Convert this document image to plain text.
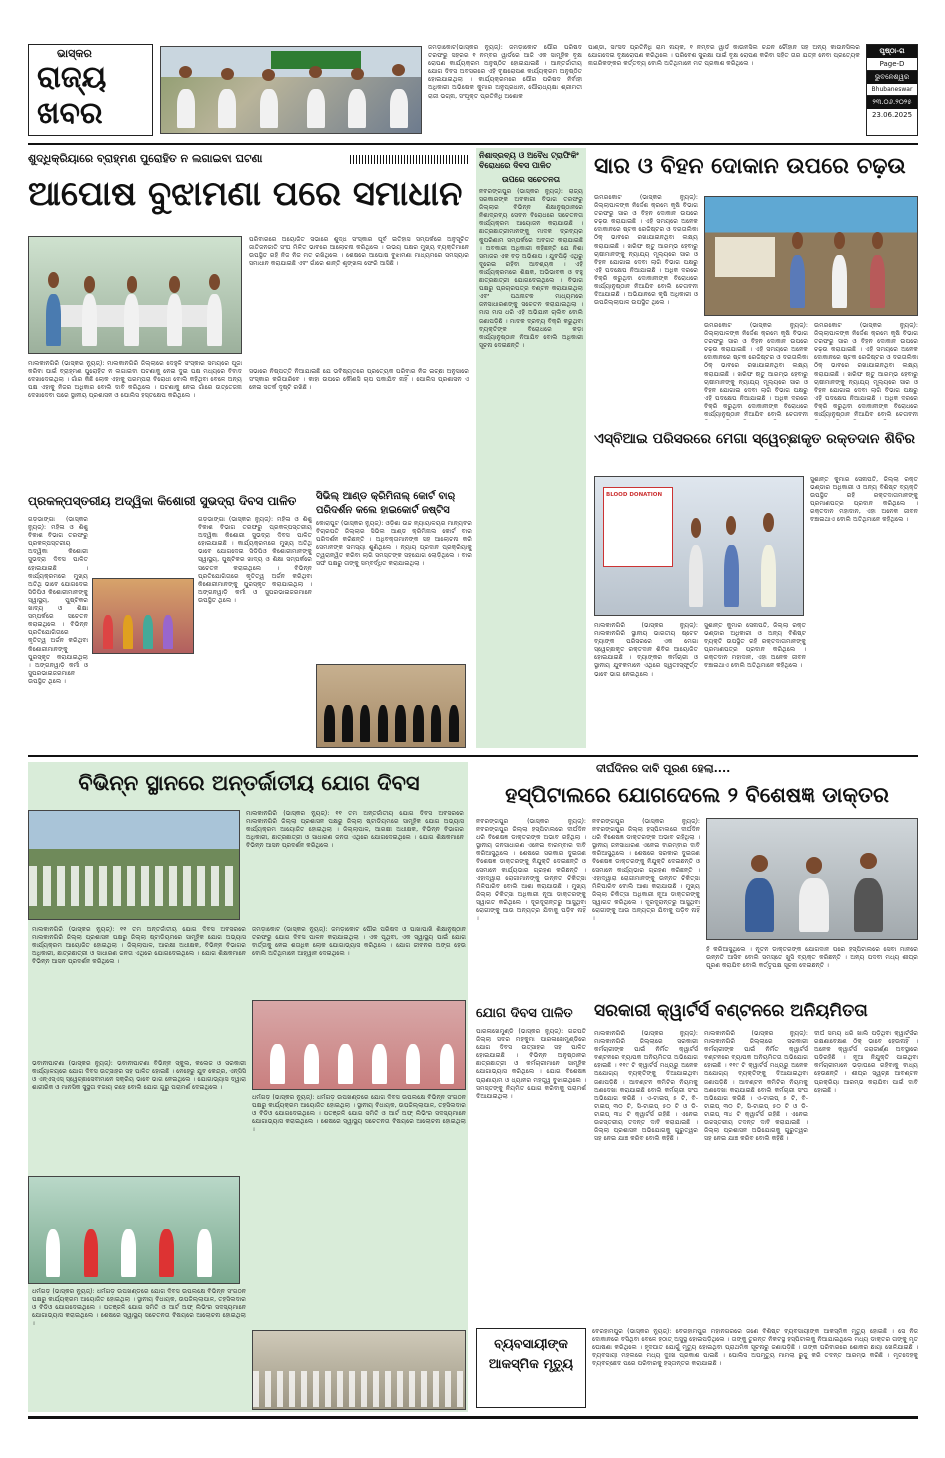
ଭାସ୍କର
ରାଜ୍ୟ
ଖବର
ଜମଡ଼ାକୋଟ(ଭାସ୍କର ନ୍ୟୁଜ୍): ଜମଡ଼ାକୋଟ ପୌର ପରିଷଦ ତରଫରୁ ସହରର ୧ ନମ୍ବର ୱାର୍ଡରେ ଆଜି ଏକ ସାମୂହିକ ବୃକ୍ଷ ରୋପଣ କାର୍ଯ୍ୟକ୍ରମ ଅନୁଷ୍ଠିତ ହୋଇଯାଇଛି । ଆନ୍ତର୍ଜାତୀୟ ଯୋଗ ଦିବସ ଅବସରରେ ଏହି ବୃକ୍ଷରୋପଣ କାର୍ଯ୍ୟକ୍ରମ ଅନୁଷ୍ଠିତ ହୋଇଯାଇଥିଲା । କାର୍ଯ୍ୟକ୍ରମରେ ପୌର ପରିଷଦ ନିର୍ବାହୀ ଅଧିକାରୀ ଅଭିଷେକ କୁମାର ଅନୁପ୍ରଧାନ, ପୌରାଧ୍ୟକ୍ଷା ଶ୍ରୀମତୀ ରାଜୀ ଭଗ୍ନା, ସଂପୃକ୍ତ ପ୍ରତିନିଧି ଅଶୋକ
ପାଣ୍ଡା, ସାଂସଦ ପ୍ରତିନିଧି ରାମ ନାୟକ, ୧ ନମ୍ବର ୱାର୍ଡ କାଉନସିଲ ଚନ୍ଦନ ଚୌହାନ ସହ ଅନ୍ୟ କାଉନସିଲର ଯୋଗଦେଇ ବୃକ୍ଷରୋପଣ କରିଥିଲେ । ପରିବେଶ ସୁରକ୍ଷା ପାଇଁ ବୃକ୍ଷ ରୋପଣ କରିବା ସହିତ ତାର ଯତ୍ନ ନେବା ପ୍ରତ୍ୟେକ ନାଗରିକଙ୍କର କର୍ତ୍ତବ୍ୟ ବୋଲି ଅତିଥିମାନେ ମତ ପ୍ରକାଶ କରିଥିଲେ ।
ପୃଷ୍ଠା-ଗ
Page-D
ଭୁବନେଶ୍ୱର
Bhubaneswar
୨୩.୦୬.୨୦୨୫
23.06.2025
ଶୁଦ୍ଧିକ୍ରିୟାରେ ବ୍ରାହ୍ମଣ ପୁରୋହିତ ନ ଲଗାଇବା ଘଟଣା
ଆପୋଷ ବୁଝାମଣା ପରେ ସମାଧାନ
ମାଲକାନଗିରି (ଭାସ୍କର ନ୍ୟୁଜ୍): ମାଲକାନଗିରି ଜିଲ୍ଲାରେ ଦେହୁଳି ସଂସ୍କାର ସମୟରେ ପୂଜା କରିବା ପାଇଁ ବ୍ରାହ୍ମଣ ପୁରୋହିତ ନ ଲଗାଇବା ଘଟଣାକୁ ନେଇ ଦୁଇ ପକ୍ଷ ମଧ୍ୟରେ ବିବାଦ ଦେଖାଦେଇଥିଲା । ଗାଁର କିଛି ଲୋକ ଏହାକୁ ପରମ୍ପରା ବିରୋଧୀ ବୋଲି କହିଥିବା ବେଳେ ଅନ୍ୟ ପକ୍ଷ ଏହାକୁ ନିଜର ଅଧିକାର ବୋଲି ଦାବି କରିଥିଲେ । ଘଟଣାକୁ ନେଇ ଗାଁରେ ଉତ୍ତେଜନା ଦେଖାଦେବା ପରେ ସ୍ଥାନୀୟ ପ୍ରଶାସନ ଓ ପୋଲିସ ହସ୍ତକ୍ଷେପ କରିଥିଲେ ।
ପରିବାରରେ ଅୟୋଜିତ ସଭାରେ ଶୁଦ୍ଧ ସଂସ୍କାର ପୂର୍ବ ଇତିହାସ ସମ୍ପର୍କରେ ଅନୁସୂଚିତ ଜାତିଜନଜାତି ସଂଘ ମିଳିତ ଭାବରେ ଆଲୋଚନା କରିଥିଲେ । ଉଭୟ ପକ୍ଷର ମୁଖ୍ୟ ବ୍ୟକ୍ତିମାନେ ଉପସ୍ଥିତ ରହି ନିଜ ନିଜ ମତ ରଖିଥିଲେ । ଶେଷରେ ଆପୋଷ ବୁଝାମଣା ମାଧ୍ୟମରେ ସମସ୍ୟାର ସମାଧାନ କରାଯାଇଛି ଏବଂ ଗାଁରେ ଶାନ୍ତି ଶୃଙ୍ଖଳା ଫେରି ଆସିଛି ।
ସଭାରେ ନିଷ୍ପତ୍ତି ନିଆଯାଇଛି ଯେ ଭବିଷ୍ୟତରେ ପ୍ରତ୍ୟେକ ପରିବାର ନିଜ ଇଚ୍ଛା ଅନୁସାରେ ସଂସ୍କାର କରିପାରିବେ । କାହା ଉପରେ କୌଣସି ଚାପ ପକାଯିବ ନାହିଁ । ପୋଲିସ ପ୍ରଶାସନ ଏ ନେଇ ସତର୍କ ଦୃଷ୍ଟି ରଖିଛି ।
ନିଶାଦ୍ରବ୍ୟ ଓ ଅବୈଧ ଟ୍ରାଫିକିଂ ବିରୋଧରେ ଦିବସ ପାଳିତ
ଉପରେ ସଚେତନତା
ନବରଙ୍ଗପୁର (ଭାସ୍କର ନ୍ୟୁଜ୍): ରାଜ୍ୟ ସରକାରଙ୍କ ଅବକାରୀ ବିଭାଗ ତରଫରୁ ଜିଲ୍ଲାର ବିଭିନ୍ନ ଶିକ୍ଷାନୁଷ୍ଠାନରେ ନିଶାଦ୍ରବ୍ୟ ସେବନ ବିରୋଧରେ ସଚେତନତା କାର୍ଯ୍ୟକ୍ରମ ଆୟୋଜନ କରାଯାଉଛି । ଛାତ୍ରଛାତ୍ରୀମାନଙ୍କୁ ମାଦକ ଦ୍ରବ୍ୟର କୁପରିଣାମ ସମ୍ପର୍କରେ ଅବଗତ କରାଯାଇଛି । ଅବକାରୀ ଅଧିକାରୀ କହିଛନ୍ତି ଯେ ନିଶା ସମାଜର ଏକ ବଡ଼ ଅଭିଶାପ । ଯୁବପିଢ଼ି ଏଥିରୁ ଦୂରେଇ ରହିବା ଆବଶ୍ୟକ । ଏହି କାର୍ଯ୍ୟକ୍ରମରେ ଶିକ୍ଷକ, ଅଭିଭାବକ ଓ ବହୁ ଛାତ୍ରଛାତ୍ରୀ ଯୋଗଦେଇଥିଲେ । ବିଭାଗ ପକ୍ଷରୁ ପ୍ରଚାରପତ୍ର ବଣ୍ଟନ କରାଯାଇଥିଲା ଏବଂ ପଥନାଟକ ମାଧ୍ୟମରେ ଜନସାଧାରଣଙ୍କୁ ସଚେତନ କରାଯାଇଥିଲା । ମାସ ମାସ ଧରି ଏହି ଅଭିଯାନ ଚାଲିବ ବୋଲି ଜଣାପଡ଼ିଛି । ମାଦକ ଦ୍ରବ୍ୟ ବିକ୍ରି କରୁଥିବା ବ୍ୟକ୍ତିଙ୍କ ବିରୋଧରେ କଡ଼ା କାର୍ଯ୍ୟାନୁଷ୍ଠାନ ନିଆଯିବ ବୋଲି ଅଧିକାରୀ ସୂଚନା ଦେଇଛନ୍ତି ।
ସାର ଓ ବିହନ ଦୋକାନ ଉପରେ ଚଢ଼ଉ
ଉମରକୋଟ (ଭାସ୍କର ନ୍ୟୁଜ୍): ଜିଲ୍ଲାପାଳଙ୍କ ନିର୍ଦ୍ଦେଶ କ୍ରମେ କୃଷି ବିଭାଗ ତରଫରୁ ସାର ଓ ବିହନ ଦୋକାନ ଉପରେ ଚଢ଼ଉ କରାଯାଇଛି । ଏହି ସମୟରେ ଅନେକ ଦୋକାନରେ ଷ୍ଟକ ରେଜିଷ୍ଟର ଓ ଦରତାଲିକା ଠିକ୍ ଭାବରେ ରଖାଯାଇନଥିବା ଲକ୍ଷ୍ୟ କରାଯାଇଛି । ଖରିଫ ଋତୁ ଆରମ୍ଭ ହେବାରୁ ଚାଷୀମାନଙ୍କୁ ନ୍ୟାଯ୍ୟ ମୂଲ୍ୟରେ ସାର ଓ ବିହନ ଯୋଗାଇ ଦେବା ଲାଗି ବିଭାଗ ପକ୍ଷରୁ ଏହି ପଦକ୍ଷେପ ନିଆଯାଇଛି । ଅଧିକ ଦରରେ ବିକ୍ରି କରୁଥିବା ଦୋକାନୀଙ୍କ ବିରୋଧରେ କାର୍ଯ୍ୟାନୁଷ୍ଠାନ ନିଆଯିବ ବୋଲି ଚେତାବନୀ ଦିଆଯାଇଛି । ଅଭିଯାନରେ କୃଷି ଅଧିକାରୀ ଓ ଉପଜିଲ୍ଲାପାଳ ଉପସ୍ଥିତ ଥିଲେ ।
ଉମରକୋଟ (ଭାସ୍କର ନ୍ୟୁଜ୍): ଜିଲ୍ଲାପାଳଙ୍କ ନିର୍ଦ୍ଦେଶ କ୍ରମେ କୃଷି ବିଭାଗ ତରଫରୁ ସାର ଓ ବିହନ ଦୋକାନ ଉପରେ ଚଢ଼ଉ କରାଯାଇଛି । ଏହି ସମୟରେ ଅନେକ ଦୋକାନରେ ଷ୍ଟକ ରେଜିଷ୍ଟର ଓ ଦରତାଲିକା ଠିକ୍ ଭାବରେ ରଖାଯାଇନଥିବା ଲକ୍ଷ୍ୟ କରାଯାଇଛି । ଖରିଫ ଋତୁ ଆରମ୍ଭ ହେବାରୁ ଚାଷୀମାନଙ୍କୁ ନ୍ୟାଯ୍ୟ ମୂଲ୍ୟରେ ସାର ଓ ବିହନ ଯୋଗାଇ ଦେବା ଲାଗି ବିଭାଗ ପକ୍ଷରୁ ଏହି ପଦକ୍ଷେପ ନିଆଯାଇଛି । ଅଧିକ ଦରରେ ବିକ୍ରି କରୁଥିବା ଦୋକାନୀଙ୍କ ବିରୋଧରେ କାର୍ଯ୍ୟାନୁଷ୍ଠାନ ନିଆଯିବ ବୋଲି ଚେତାବନୀ
ଉମରକୋଟ (ଭାସ୍କର ନ୍ୟୁଜ୍): ଜିଲ୍ଲାପାଳଙ୍କ ନିର୍ଦ୍ଦେଶ କ୍ରମେ କୃଷି ବିଭାଗ ତରଫରୁ ସାର ଓ ବିହନ ଦୋକାନ ଉପରେ ଚଢ଼ଉ କରାଯାଇଛି । ଏହି ସମୟରେ ଅନେକ ଦୋକାନରେ ଷ୍ଟକ ରେଜିଷ୍ଟର ଓ ଦରତାଲିକା ଠିକ୍ ଭାବରେ ରଖାଯାଇନଥିବା ଲକ୍ଷ୍ୟ କରାଯାଇଛି । ଖରିଫ ଋତୁ ଆରମ୍ଭ ହେବାରୁ ଚାଷୀମାନଙ୍କୁ ନ୍ୟାଯ୍ୟ ମୂଲ୍ୟରେ ସାର ଓ ବିହନ ଯୋଗାଇ ଦେବା ଲାଗି ବିଭାଗ ପକ୍ଷରୁ ଏହି ପଦକ୍ଷେପ ନିଆଯାଇଛି । ଅଧିକ ଦରରେ ବିକ୍ରି କରୁଥିବା ଦୋକାନୀଙ୍କ ବିରୋଧରେ କାର୍ଯ୍ୟାନୁଷ୍ଠାନ ନିଆଯିବ ବୋଲି ଚେତାବନୀ
ଏସ୍‌ବିଆଇ ପରିସରରେ ମେଗା ସ୍ୱେଚ୍ଛାକୃତ ରକ୍ତଦାନ ଶିବିର
BLOOD DONATION
ସୁଶାନ୍ତ କୁମାର ସେନାପତି, ଜିଲ୍ଲା ରକ୍ତ ଭଣ୍ଡାର ଅଧିକାରୀ ଓ ଅନ୍ୟ ବିଶିଷ୍ଟ ବ୍ୟକ୍ତି ଉପସ୍ଥିତ ରହି ରକ୍ତଦାତାମାନଙ୍କୁ ପ୍ରମାଣପତ୍ର ପ୍ରଦାନ କରିଥିଲେ । ରକ୍ତଦାନ ମହାଦାନ, ଏହା ଅନେକ ଜୀବନ ବଞ୍ଚାଇଥାଏ ବୋଲି ଅତିଥିମାନେ କହିଥିଲେ ।
ମାଲକାନଗିରି (ଭାସ୍କର ନ୍ୟୁଜ୍): ମାଲକାନଗିରି ସ୍ଥାନୀୟ ଭାରତୀୟ ଷ୍ଟେଟ ବ୍ୟାଙ୍କ ପରିସରରେ ଏକ ମେଗା ସ୍ୱେଚ୍ଛାକୃତ ରକ୍ତଦାନ ଶିବିର ଆୟୋଜିତ ହୋଇଯାଇଛି । ବ୍ୟାଙ୍କର କର୍ମଚାରୀ ଓ ସ୍ଥାନୀୟ ଯୁବକମାନେ ଏଥିରେ ସ୍ୱତଃସ୍ଫୂର୍ତ୍ତ ଭାବେ ଭାଗ ନେଇଥିଲେ ।
ସୁଶାନ୍ତ କୁମାର ସେନାପତି, ଜିଲ୍ଲା ରକ୍ତ ଭଣ୍ଡାର ଅଧିକାରୀ ଓ ଅନ୍ୟ ବିଶିଷ୍ଟ ବ୍ୟକ୍ତି ଉପସ୍ଥିତ ରହି ରକ୍ତଦାତାମାନଙ୍କୁ ପ୍ରମାଣପତ୍ର ପ୍ରଦାନ କରିଥିଲେ । ରକ୍ତଦାନ ମହାଦାନ, ଏହା ଅନେକ ଜୀବନ ବଞ୍ଚାଇଥାଏ ବୋଲି ଅତିଥିମାନେ କହିଥିଲେ ।
ପ୍ରକଳ୍ପସ୍ତରୀୟ ଅଦ୍ୱିକା କିଶୋରୀ ସୁଭଦ୍ରା ଦିବସ ପାଳିତ
ଗଡ଼ଭାଙ୍ଗା (ଭାସ୍କର ନ୍ୟୁଜ୍): ମହିଳା ଓ ଶିଶୁ ବିକାଶ ବିଭାଗ ତରଫରୁ ପ୍ରକଳ୍ପସ୍ତରୀୟ ଅଦ୍ୱିକା କିଶୋରୀ ସୁଭଦ୍ରା ଦିବସ ପାଳିତ ହୋଇଯାଇଛି । କାର୍ଯ୍ୟକ୍ରମରେ ମୁଖ୍ୟ ଅତିଥି ଭାବେ ଯୋଗଦେଇ ସିଡିପିଓ କିଶୋରୀମାନଙ୍କୁ ସ୍ୱାସ୍ଥ୍ୟ, ପୁଷ୍ଟିକର ଖାଦ୍ୟ ଓ ଶିକ୍ଷା ସମ୍ପର୍କରେ ସଚେତନ କରାଇଥିଲେ । ବିଭିନ୍ନ ପ୍ରତିଯୋଗିତାରେ କୃତିତ୍ୱ ଅର୍ଜନ କରିଥିବା କିଶୋରୀମାନଙ୍କୁ ପୁରସ୍କୃତ କରାଯାଇଥିଲା । ଅଙ୍ଗନୱାଡ଼ି କର୍ମୀ ଓ ସୁପରଭାଇଜରମାନେ ଉପସ୍ଥିତ ଥିଲେ ।
ଗଡ଼ଭାଙ୍ଗା (ଭାସ୍କର ନ୍ୟୁଜ୍): ମହିଳା ଓ ଶିଶୁ ବିକାଶ ବିଭାଗ ତରଫରୁ ପ୍ରକଳ୍ପସ୍ତରୀୟ ଅଦ୍ୱିକା କିଶୋରୀ ସୁଭଦ୍ରା ଦିବସ ପାଳିତ ହୋଇଯାଇଛି । କାର୍ଯ୍ୟକ୍ରମରେ ମୁଖ୍ୟ ଅତିଥି ଭାବେ ଯୋଗଦେଇ ସିଡିପିଓ କିଶୋରୀମାନଙ୍କୁ ସ୍ୱାସ୍ଥ୍ୟ, ପୁଷ୍ଟିକର ଖାଦ୍ୟ ଓ ଶିକ୍ଷା ସମ୍ପର୍କରେ ସଚେତନ କରାଇଥିଲେ । ବିଭିନ୍ନ ପ୍ରତିଯୋଗିତାରେ କୃତିତ୍ୱ ଅର୍ଜନ କରିଥିବା କିଶୋରୀମାନଙ୍କୁ ପୁରସ୍କୃତ କରାଯାଇଥିଲା । ଅଙ୍ଗନୱାଡ଼ି କର୍ମୀ ଓ ସୁପରଭାଇଜରମାନେ ଉପସ୍ଥିତ ଥିଲେ ।
ସିଭିଲ୍ ଆଣ୍ଡ କ୍ରିମିନାଲ୍ କୋର୍ଟ ବାର୍ ପରିଦର୍ଶନ କଲେ ହାଇକୋର୍ଟ ଜଷ୍ଟିସ
କୋରାପୁଟ (ଭାସ୍କର ନ୍ୟୁଜ୍): ଓଡ଼ିଶା ଉଚ୍ଚ ନ୍ୟାୟାଳୟର ମାନ୍ୟବର ବିଚାରପତି ଜିଲ୍ଲାର ସିଭିଲ ଆଣ୍ଡ କ୍ରିମିନାଲ କୋର୍ଟ ବାର ପରିଦର୍ଶନ କରିଛନ୍ତି । ଅଧିବକ୍ତାମାନଙ୍କ ସହ ଆଲୋଚନା କରି ସେମାନଙ୍କ ସମସ୍ୟା ଶୁଣିଥିଲେ । ନ୍ୟାୟ ପ୍ରଦାନ ପ୍ରକ୍ରିୟାକୁ ତ୍ୱରାନ୍ୱିତ କରିବା ଲାଗି ସମସ୍ତଙ୍କ ସହଯୋଗ ଲୋଡ଼ିଥିଲେ । ବାର ସଙ୍ଘ ପକ୍ଷରୁ ତାଙ୍କୁ ସମ୍ବର୍ଦ୍ଧିତ କରାଯାଇଥିଲା ।
ବିଭିନ୍ନ ସ୍ଥାନରେ ଅନ୍ତର୍ଜାତୀୟ ଯୋଗ ଦିବସ
ମାଲକାନଗିରି (ଭାସ୍କର ନ୍ୟୁଜ୍): ୧୧ ତମ ଅନ୍ତର୍ଜାତୀୟ ଯୋଗ ଦିବସ ଅବସରରେ ମାଲକାନଗିରି ଜିଲ୍ଲା ପ୍ରଶାସନ ପକ୍ଷରୁ ଜିଲ୍ଲା ଷ୍ଟାଡିୟମରେ ସାମୂହିକ ଯୋଗ ଅଭ୍ୟାସ କାର୍ଯ୍ୟକ୍ରମ ଆୟୋଜିତ ହୋଇଥିଲା । ଜିଲ୍ଲାପାଳ, ଆରକ୍ଷୀ ଅଧୀକ୍ଷକ, ବିଭିନ୍ନ ବିଭାଗର ଅଧିକାରୀ, ଛାତ୍ରଛାତ୍ରୀ ଓ ସାଧାରଣ ଜନତା ଏଥିରେ ଯୋଗଦେଇଥିଲେ । ଯୋଗ ଶିକ୍ଷକମାନେ ବିଭିନ୍ନ ଆସନ ପ୍ରଦର୍ଶନ କରିଥିଲେ ।
ମାଲକାନଗିରି (ଭାସ୍କର ନ୍ୟୁଜ୍): ୧୧ ତମ ଅନ୍ତର୍ଜାତୀୟ ଯୋଗ ଦିବସ ଅବସରରେ ମାଲକାନଗିରି ଜିଲ୍ଲା ପ୍ରଶାସନ ପକ୍ଷରୁ ଜିଲ୍ଲା ଷ୍ଟାଡିୟମରେ ସାମୂହିକ ଯୋଗ ଅଭ୍ୟାସ କାର୍ଯ୍ୟକ୍ରମ ଆୟୋଜିତ ହୋଇଥିଲା । ଜିଲ୍ଲାପାଳ, ଆରକ୍ଷୀ ଅଧୀକ୍ଷକ, ବିଭିନ୍ନ ବିଭାଗର ଅଧିକାରୀ, ଛାତ୍ରଛାତ୍ରୀ ଓ ସାଧାରଣ ଜନତା ଏଥିରେ ଯୋଗଦେଇଥିଲେ । ଯୋଗ ଶିକ୍ଷକମାନେ ବିଭିନ୍ନ ଆସନ ପ୍ରଦର୍ଶନ କରିଥିଲେ ।
ଜମଡ଼ାକୋଟ (ଭାସ୍କର ନ୍ୟୁଜ୍): ଜମଡ଼ାକୋଟ ପୌର ପରିଷଦ ଓ ପାଖାପାଖି ଶିକ୍ଷାନୁଷ୍ଠାନ ତରଫରୁ ଯୋଗ ଦିବସ ପାଳନ କରାଯାଇଥିଲା । ଏକ ପୃଥିବୀ, ଏକ ସ୍ୱାସ୍ଥ୍ୟ ପାଇଁ ଯୋଗ ବାର୍ତ୍ତାକୁ ନେଇ ଶତାଧିକ ଲୋକ ଯୋଗାଭ୍ୟାସ କରିଥିଲେ । ଯୋଗ ଜୀବନର ଅଙ୍ଗ ହେଉ ବୋଲି ଅତିଥିମାନେ ଆହ୍ୱାନ ଦେଇଥିଲେ ।
ଭବାନୀପାଟଣା (ଭାସ୍କର ନ୍ୟୁଜ୍): ଭବାନୀପାଟଣା ବିଭିନ୍ନ ସ୍କୁଲ, କଲେଜ ଓ ସରକାରୀ କାର୍ଯ୍ୟାଳୟରେ ଯୋଗ ଦିବସ ଉତ୍ସାହର ସହ ପାଳିତ ହୋଇଛି । ନେହେରୁ ଯୁବ କେନ୍ଦ୍ର, ଏନ୍‌ସିସି ଓ ଏନ୍‌ଏସ୍‌ଏସ୍ ସ୍ୱେଚ୍ଛାସେବୀମାନେ ସକ୍ରିୟ ଭାବେ ଭାଗ ନେଇଥିଲେ । ଯୋଗାଭ୍ୟାସ ଦ୍ୱାରା ଶାରୀରିକ ଓ ମାନସିକ ସୁସ୍ଥତା ବଜାୟ ରହେ ବୋଲି ଯୋଗ ଗୁରୁ ପରାମର୍ଶ ଦେଇଥିଲେ ।
ଧର୍ମଗଡ଼ (ଭାସ୍କର ନ୍ୟୁଜ୍): ଧର୍ମଗଡ଼ ଉପଖଣ୍ଡରେ ଯୋଗ ଦିବସ ଉପଲକ୍ଷେ ବିଭିନ୍ନ ସଂଗଠନ ପକ୍ଷରୁ କାର୍ଯ୍ୟକ୍ରମ ଆୟୋଜିତ ହୋଇଥିଲା । ସ୍ଥାନୀୟ ବିଧାୟକ, ଉପଜିଲ୍ଲାପାଳ, ତହସିଲଦାର ଓ ବିଡିଓ ଯୋଗଦେଇଥିଲେ । ପତଞ୍ଜଳି ଯୋଗ ସମିତି ଓ ଆର୍ଟ ଅଫ୍ ଲିଭିଂର ସଦସ୍ୟମାନେ ଯୋଗାଭ୍ୟାସ କରାଇଥିଲେ । ଶେଷରେ ସ୍ୱାସ୍ଥ୍ୟ ସଚେତନତା ବିଷୟରେ ଆଲୋଚନା ହୋଇଥିଲା ।
ଧର୍ମଗଡ଼ (ଭାସ୍କର ନ୍ୟୁଜ୍): ଧର୍ମଗଡ଼ ଉପଖଣ୍ଡରେ ଯୋଗ ଦିବସ ଉପଲକ୍ଷେ ବିଭିନ୍ନ ସଂଗଠନ ପକ୍ଷରୁ କାର୍ଯ୍ୟକ୍ରମ ଆୟୋଜିତ ହୋଇଥିଲା । ସ୍ଥାନୀୟ ବିଧାୟକ, ଉପଜିଲ୍ଲାପାଳ, ତହସିଲଦାର ଓ ବିଡିଓ ଯୋଗଦେଇଥିଲେ । ପତଞ୍ଜଳି ଯୋଗ ସମିତି ଓ ଆର୍ଟ ଅଫ୍ ଲିଭିଂର ସଦସ୍ୟମାନେ ଯୋଗାଭ୍ୟାସ କରାଇଥିଲେ । ଶେଷରେ ସ୍ୱାସ୍ଥ୍ୟ ସଚେତନତା ବିଷୟରେ ଆଲୋଚନା ହୋଇଥିଲା ।
ଦୀର୍ଘଦିନର ଦାବି ପୂରଣ ହେଲା....
ହସ୍ପିଟାଲରେ ଯୋଗଦେଲେ ୨ ବିଶେଷଜ୍ଞ ଡାକ୍ତର
ନବରଙ୍ଗପୁର (ଭାସ୍କର ନ୍ୟୁଜ୍): ନବରଙ୍ଗପୁର ଜିଲ୍ଲା ହସ୍ପିଟାଲରେ ଦୀର୍ଘଦିନ ଧରି ବିଶେଷଜ୍ଞ ଡାକ୍ତରଙ୍କ ଅଭାବ ରହିଥିଲା । ସ୍ଥାନୀୟ ଜନସାଧାରଣ ଏନେଇ ବାରମ୍ବାର ଦାବି କରିଆସୁଥିଲେ । ଶେଷରେ ସରକାର ଦୁଇଜଣ ବିଶେଷଜ୍ଞ ଡାକ୍ତରଙ୍କୁ ନିଯୁକ୍ତି ଦେଇଛନ୍ତି ଓ ସେମାନେ କାର୍ଯ୍ୟଭାର ଗ୍ରହଣ କରିଛନ୍ତି । ଏହାଦ୍ୱାରା ରୋଗୀମାନଙ୍କୁ ଉନ୍ନତ ଚିକିତ୍ସା ମିଳିପାରିବ ବୋଲି ଆଶା କରାଯାଉଛି । ମୁଖ୍ୟ ଜିଲ୍ଲା ଚିକିତ୍ସା ଅଧିକାରୀ ନୂଆ ଡାକ୍ତରଙ୍କୁ ସ୍ୱାଗତ କରିଥିଲେ । ଦୂରଦୂରାନ୍ତରୁ ଆସୁଥିବା ରୋଗୀଙ୍କୁ ଆଉ ଅନ୍ୟତ୍ର ଯିବାକୁ ପଡ଼ିବ ନାହିଁ ।
ନବରଙ୍ଗପୁର (ଭାସ୍କର ନ୍ୟୁଜ୍): ନବରଙ୍ଗପୁର ଜିଲ୍ଲା ହସ୍ପିଟାଲରେ ଦୀର୍ଘଦିନ ଧରି ବିଶେଷଜ୍ଞ ଡାକ୍ତରଙ୍କ ଅଭାବ ରହିଥିଲା । ସ୍ଥାନୀୟ ଜନସାଧାରଣ ଏନେଇ ବାରମ୍ବାର ଦାବି କରିଆସୁଥିଲେ । ଶେଷରେ ସରକାର ଦୁଇଜଣ ବିଶେଷଜ୍ଞ ଡାକ୍ତରଙ୍କୁ ନିଯୁକ୍ତି ଦେଇଛନ୍ତି ଓ ସେମାନେ କାର୍ଯ୍ୟଭାର ଗ୍ରହଣ କରିଛନ୍ତି । ଏହାଦ୍ୱାରା ରୋଗୀମାନଙ୍କୁ ଉନ୍ନତ ଚିକିତ୍ସା ମିଳିପାରିବ ବୋଲି ଆଶା କରାଯାଉଛି । ମୁଖ୍ୟ ଜିଲ୍ଲା ଚିକିତ୍ସା ଅଧିକାରୀ ନୂଆ ଡାକ୍ତରଙ୍କୁ ସ୍ୱାଗତ କରିଥିଲେ । ଦୂରଦୂରାନ୍ତରୁ ଆସୁଥିବା ରୋଗୀଙ୍କୁ ଆଉ ଅନ୍ୟତ୍ର ଯିବାକୁ ପଡ଼ିବ ନାହିଁ ।
ହଁ କରିଆସୁଥିଲେ । ନୂତନ ଡାକ୍ତରଙ୍କ ଯୋଗଦାନ ପରେ ହସ୍ପିଟାଲରେ ସେବା ମାନରେ ଉନ୍ନତି ଆସିବ ବୋଲି ସମସ୍ତେ ଖୁସି ବ୍ୟକ୍ତ କରିଛନ୍ତି । ଅନ୍ୟ ପଦବୀ ମଧ୍ୟ ଶୀଘ୍ର ପୂରଣ କରାଯିବ ବୋଲି କର୍ତ୍ତୃପକ୍ଷ ସୂଚନା ଦେଇଛନ୍ତି ।
ଯୋଗ ଦିବସ ପାଳିତ
ପାରଳାଖେମୁଣ୍ଡି (ଭାସ୍କର ନ୍ୟୁଜ୍): ଗଜପତି ଜିଲ୍ଲା ସଦର ମହକୁମା ପାରଳାଖେମୁଣ୍ଡିରେ ଯୋଗ ଦିବସ ଉତ୍ସାହର ସହ ପାଳିତ ହୋଇଯାଇଛି । ବିଭିନ୍ନ ଅନୁଷ୍ଠାନର ଛାତ୍ରଛାତ୍ରୀ ଓ କର୍ମଚାରୀମାନେ ସାମୂହିକ ଯୋଗାଭ୍ୟାସ କରିଥିଲେ । ଯୋଗ ବିଶେଷଜ୍ଞ ପ୍ରାଣାୟାମ ଓ ଧ୍ୟାନର ମହତ୍ତ୍ୱ ବୁଝାଇଥିଲେ । ସମସ୍ତଙ୍କୁ ନିୟମିତ ଯୋଗ କରିବାକୁ ପରାମର୍ଶ ଦିଆଯାଇଥିଲା ।
ସରକାରୀ କ୍ୱାର୍ଟର୍ସ ବଣ୍ଟନରେ ଅନିୟମିତତା
ମାଲକାନଗିରି (ଭାସ୍କର ନ୍ୟୁଜ୍): ମାଲକାନଗିରି ଜିଲ୍ଲାରେ ସରକାରୀ କର୍ମଚାରୀଙ୍କ ପାଇଁ ନିର୍ମିତ କ୍ୱାର୍ଟର୍ସ ବଣ୍ଟନରେ ବ୍ୟାପକ ଅନିୟମିତତା ଅଭିଯୋଗ ହୋଇଛି । ୧୧୯ ଟି କ୍ୱାର୍ଟର୍ସ ମଧ୍ୟରୁ ଅନେକ ଅଯୋଗ୍ୟ ବ୍ୟକ୍ତିଙ୍କୁ ଦିଆଯାଇଥିବା ଜଣାପଡ଼ିଛି । ଆବଣ୍ଟନ କମିଟିର ନିୟମକୁ ଅଣଦେଖା କରାଯାଇଛି ବୋଲି କର୍ମଚାରୀ ସଂଘ ଅଭିଯୋଗ କରିଛି । ଏ-ଟାଇପ୍ ୫ ଟି, ବି-ଟାଇପ୍ ୩୦ ଟି, ସି-ଟାଇପ୍ ୫୦ ଟି ଓ ଡି-ଟାଇପ୍ ୩୪ ଟି କ୍ୱାର୍ଟର୍ସ ରହିଛି । ଏନେଇ ଉଚ୍ଚସ୍ତରୀୟ ତଦନ୍ତ ଦାବି କରାଯାଇଛି । ଜିଲ୍ଲା ପ୍ରଶାସନ ଅଭିଯୋଗକୁ ଗୁରୁତ୍ୱର ସହ ନେଇ ଯାଞ୍ଚ କରିବ ବୋଲି କହିଛି ।
ମାଲକାନଗିରି (ଭାସ୍କର ନ୍ୟୁଜ୍): ମାଲକାନଗିରି ଜିଲ୍ଲାରେ ସରକାରୀ କର୍ମଚାରୀଙ୍କ ପାଇଁ ନିର୍ମିତ କ୍ୱାର୍ଟର୍ସ ବଣ୍ଟନରେ ବ୍ୟାପକ ଅନିୟମିତତା ଅଭିଯୋଗ ହୋଇଛି । ୧୧୯ ଟି କ୍ୱାର୍ଟର୍ସ ମଧ୍ୟରୁ ଅନେକ ଅଯୋଗ୍ୟ ବ୍ୟକ୍ତିଙ୍କୁ ଦିଆଯାଇଥିବା ଜଣାପଡ଼ିଛି । ଆବଣ୍ଟନ କମିଟିର ନିୟମକୁ ଅଣଦେଖା କରାଯାଇଛି ବୋଲି କର୍ମଚାରୀ ସଂଘ ଅଭିଯୋଗ କରିଛି । ଏ-ଟାଇପ୍ ୫ ଟି, ବି-ଟାଇପ୍ ୩୦ ଟି, ସି-ଟାଇପ୍ ୫୦ ଟି ଓ ଡି-ଟାଇପ୍ ୩୪ ଟି କ୍ୱାର୍ଟର୍ସ ରହିଛି । ଏନେଇ ଉଚ୍ଚସ୍ତରୀୟ ତଦନ୍ତ ଦାବି କରାଯାଇଛି । ଜିଲ୍ଲା ପ୍ରଶାସନ ଅଭିଯୋଗକୁ ଗୁରୁତ୍ୱର ସହ ନେଇ ଯାଞ୍ଚ କରିବ ବୋଲି କହିଛି ।
ଦୀର୍ଘ ସମୟ ଧରି ଖାଲି ପଡ଼ିଥିବା କ୍ୱାର୍ଟର୍ସର ରକ୍ଷଣାବେକ୍ଷଣ ଠିକ୍ ଭାବେ ହେଉନାହିଁ । ଅନେକ କ୍ୱାର୍ଟର୍ସ ଜରାଜୀର୍ଣ୍ଣ ଅବସ୍ଥାରେ ପଡ଼ିରହିଛି । ନୂଆ ନିଯୁକ୍ତି ପାଇଥିବା କର୍ମଚାରୀମାନେ ଭଡ଼ାଘରେ ରହିବାକୁ ବାଧ୍ୟ ହେଉଛନ୍ତି । ଶୀଘ୍ର ସ୍ୱଚ୍ଛ ଆବଣ୍ଟନ ପ୍ରକ୍ରିୟା ଆରମ୍ଭ କରାଯିବା ପାଇଁ ଦାବି ହୋଇଛି ।
ବ୍ୟବସାୟୀଙ୍କ ଆକସ୍ମିକ ମୃତ୍ୟୁ
ବେରହାମପୁର (ଭାସ୍କର ନ୍ୟୁଜ୍): ବେରହାମପୁର ମହାନଗରରେ ଜଣେ ବିଶିଷ୍ଟ ବ୍ୟବସାୟୀଙ୍କ ଆକସ୍ମିକ ମୃତ୍ୟୁ ହୋଇଛି । ସେ ନିଜ ଦୋକାନରେ ବସିଥିବା ବେଳେ ହଠାତ୍ ଅସୁସ୍ଥ ହୋଇପଡ଼ିଥିଲେ । ତାଙ୍କୁ ତୁରନ୍ତ ନିକଟସ୍ଥ ହସ୍ପିଟାଲକୁ ନିଆଯାଇଥିଲେ ମଧ୍ୟ ଡାକ୍ତର ତାଙ୍କୁ ମୃତ ଘୋଷଣା କରିଥିଲେ । ହୃଦଘାତ ଯୋଗୁଁ ମୃତ୍ୟୁ ହୋଇଥିବା ପ୍ରାଥମିକ ସୂଚନାରୁ ଜଣାପଡ଼ିଛି । ତାଙ୍କ ପରିବାରରେ ଶୋକର ଛାୟା ଖେଳିଯାଇଛି । ବ୍ୟବସାୟୀ ମହଲରେ ମଧ୍ୟ ଦୁଃଖ ପ୍ରକାଶ ପାଇଛି । ପୋଲିସ ଅପମୃତ୍ୟୁ ମାମଲା ରୁଜୁ କରି ତଦନ୍ତ ଆରମ୍ଭ କରିଛି । ମୃତଦେହକୁ ବ୍ୟବଚ୍ଛେଦ ପରେ ପରିବାରକୁ ହସ୍ତାନ୍ତର କରାଯାଇଛି ।
